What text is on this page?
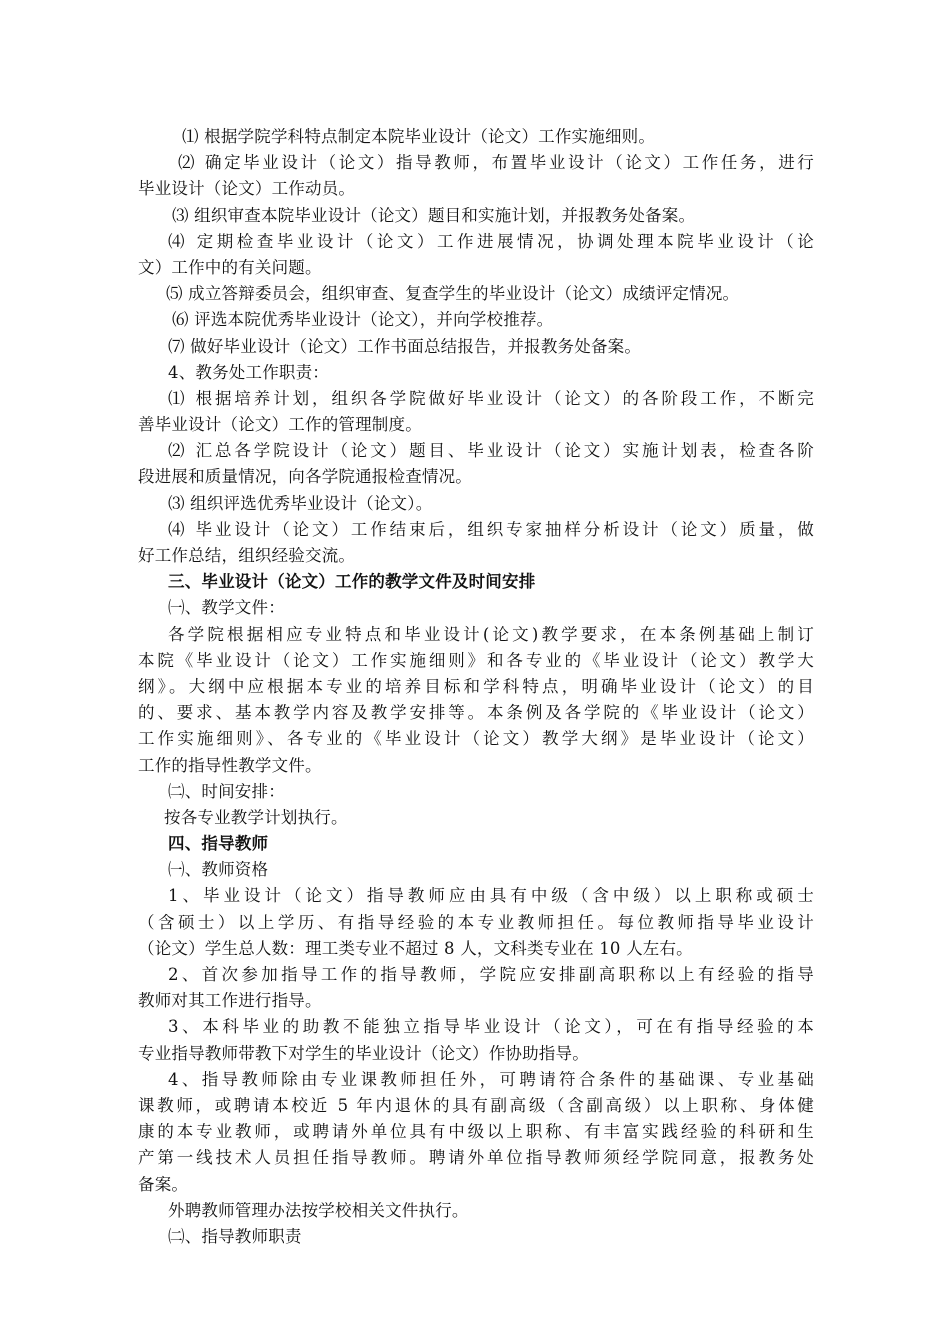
⑴ 根据学院学科特点制定本院毕业设计（论文）工作实施细则。
⑵ 确定毕业设计（论文）指导教师，布置毕业设计（论文）工作任务，进行
毕业设计（论文）工作动员。
⑶ 组织审查本院毕业设计（论文）题目和实施计划，并报教务处备案。
⑷ 定期检查毕业设计（论文）工作进展情况，协调处理本院毕业设计（论
文）工作中的有关问题。
⑸ 成立答辩委员会，组织审查、复查学生的毕业设计（论文）成绩评定情况。
⑹ 评选本院优秀毕业设计（论文），并向学校推荐。
⑺ 做好毕业设计（论文）工作书面总结报告，并报教务处备案。
4、教务处工作职责：
⑴ 根据培养计划，组织各学院做好毕业设计（论文）的各阶段工作，不断完
善毕业设计（论文）工作的管理制度。
⑵ 汇总各学院设计（论文）题目、毕业设计（论文）实施计划表，检查各阶
段进展和质量情况，向各学院通报检查情况。
⑶ 组织评选优秀毕业设计（论文）。
⑷ 毕业设计（论文）工作结束后，组织专家抽样分析设计（论文）质量，做
好工作总结，组织经验交流。
三、毕业设计（论文）工作的教学文件及时间安排
㈠、教学文件：
各学院根据相应专业特点和毕业设计(论文)教学要求，在本条例基础上制订
本院《毕业设计（论文）工作实施细则》和各专业的《毕业设计（论文）教学大
纲》。大纲中应根据本专业的培养目标和学科特点，明确毕业设计（论文）的目
的、要求、基本教学内容及教学安排等。本条例及各学院的《毕业设计（论文）
工作实施细则》、各专业的《毕业设计（论文）教学大纲》是毕业设计（论文）
工作的指导性教学文件。
㈡、时间安排：
按各专业教学计划执行。
四、指导教师
㈠、教师资格
1、毕业设计（论文）指导教师应由具有中级（含中级）以上职称或硕士
（含硕士）以上学历、有指导经验的本专业教师担任。每位教师指导毕业设计
（论文）学生总人数：理工类专业不超过 8 人，文科类专业在 10 人左右。
2、首次参加指导工作的指导教师，学院应安排副高职称以上有经验的指导
教师对其工作进行指导。
3、本科毕业的助教不能独立指导毕业设计（论文），可在有指导经验的本
专业指导教师带教下对学生的毕业设计（论文）作协助指导。
4、指导教师除由专业课教师担任外，可聘请符合条件的基础课、专业基础
课教师，或聘请本校近 5 年内退休的具有副高级（含副高级）以上职称、身体健
康的本专业教师，或聘请外单位具有中级以上职称、有丰富实践经验的科研和生
产第一线技术人员担任指导教师。聘请外单位指导教师须经学院同意，报教务处
备案。
外聘教师管理办法按学校相关文件执行。
㈡、指导教师职责
